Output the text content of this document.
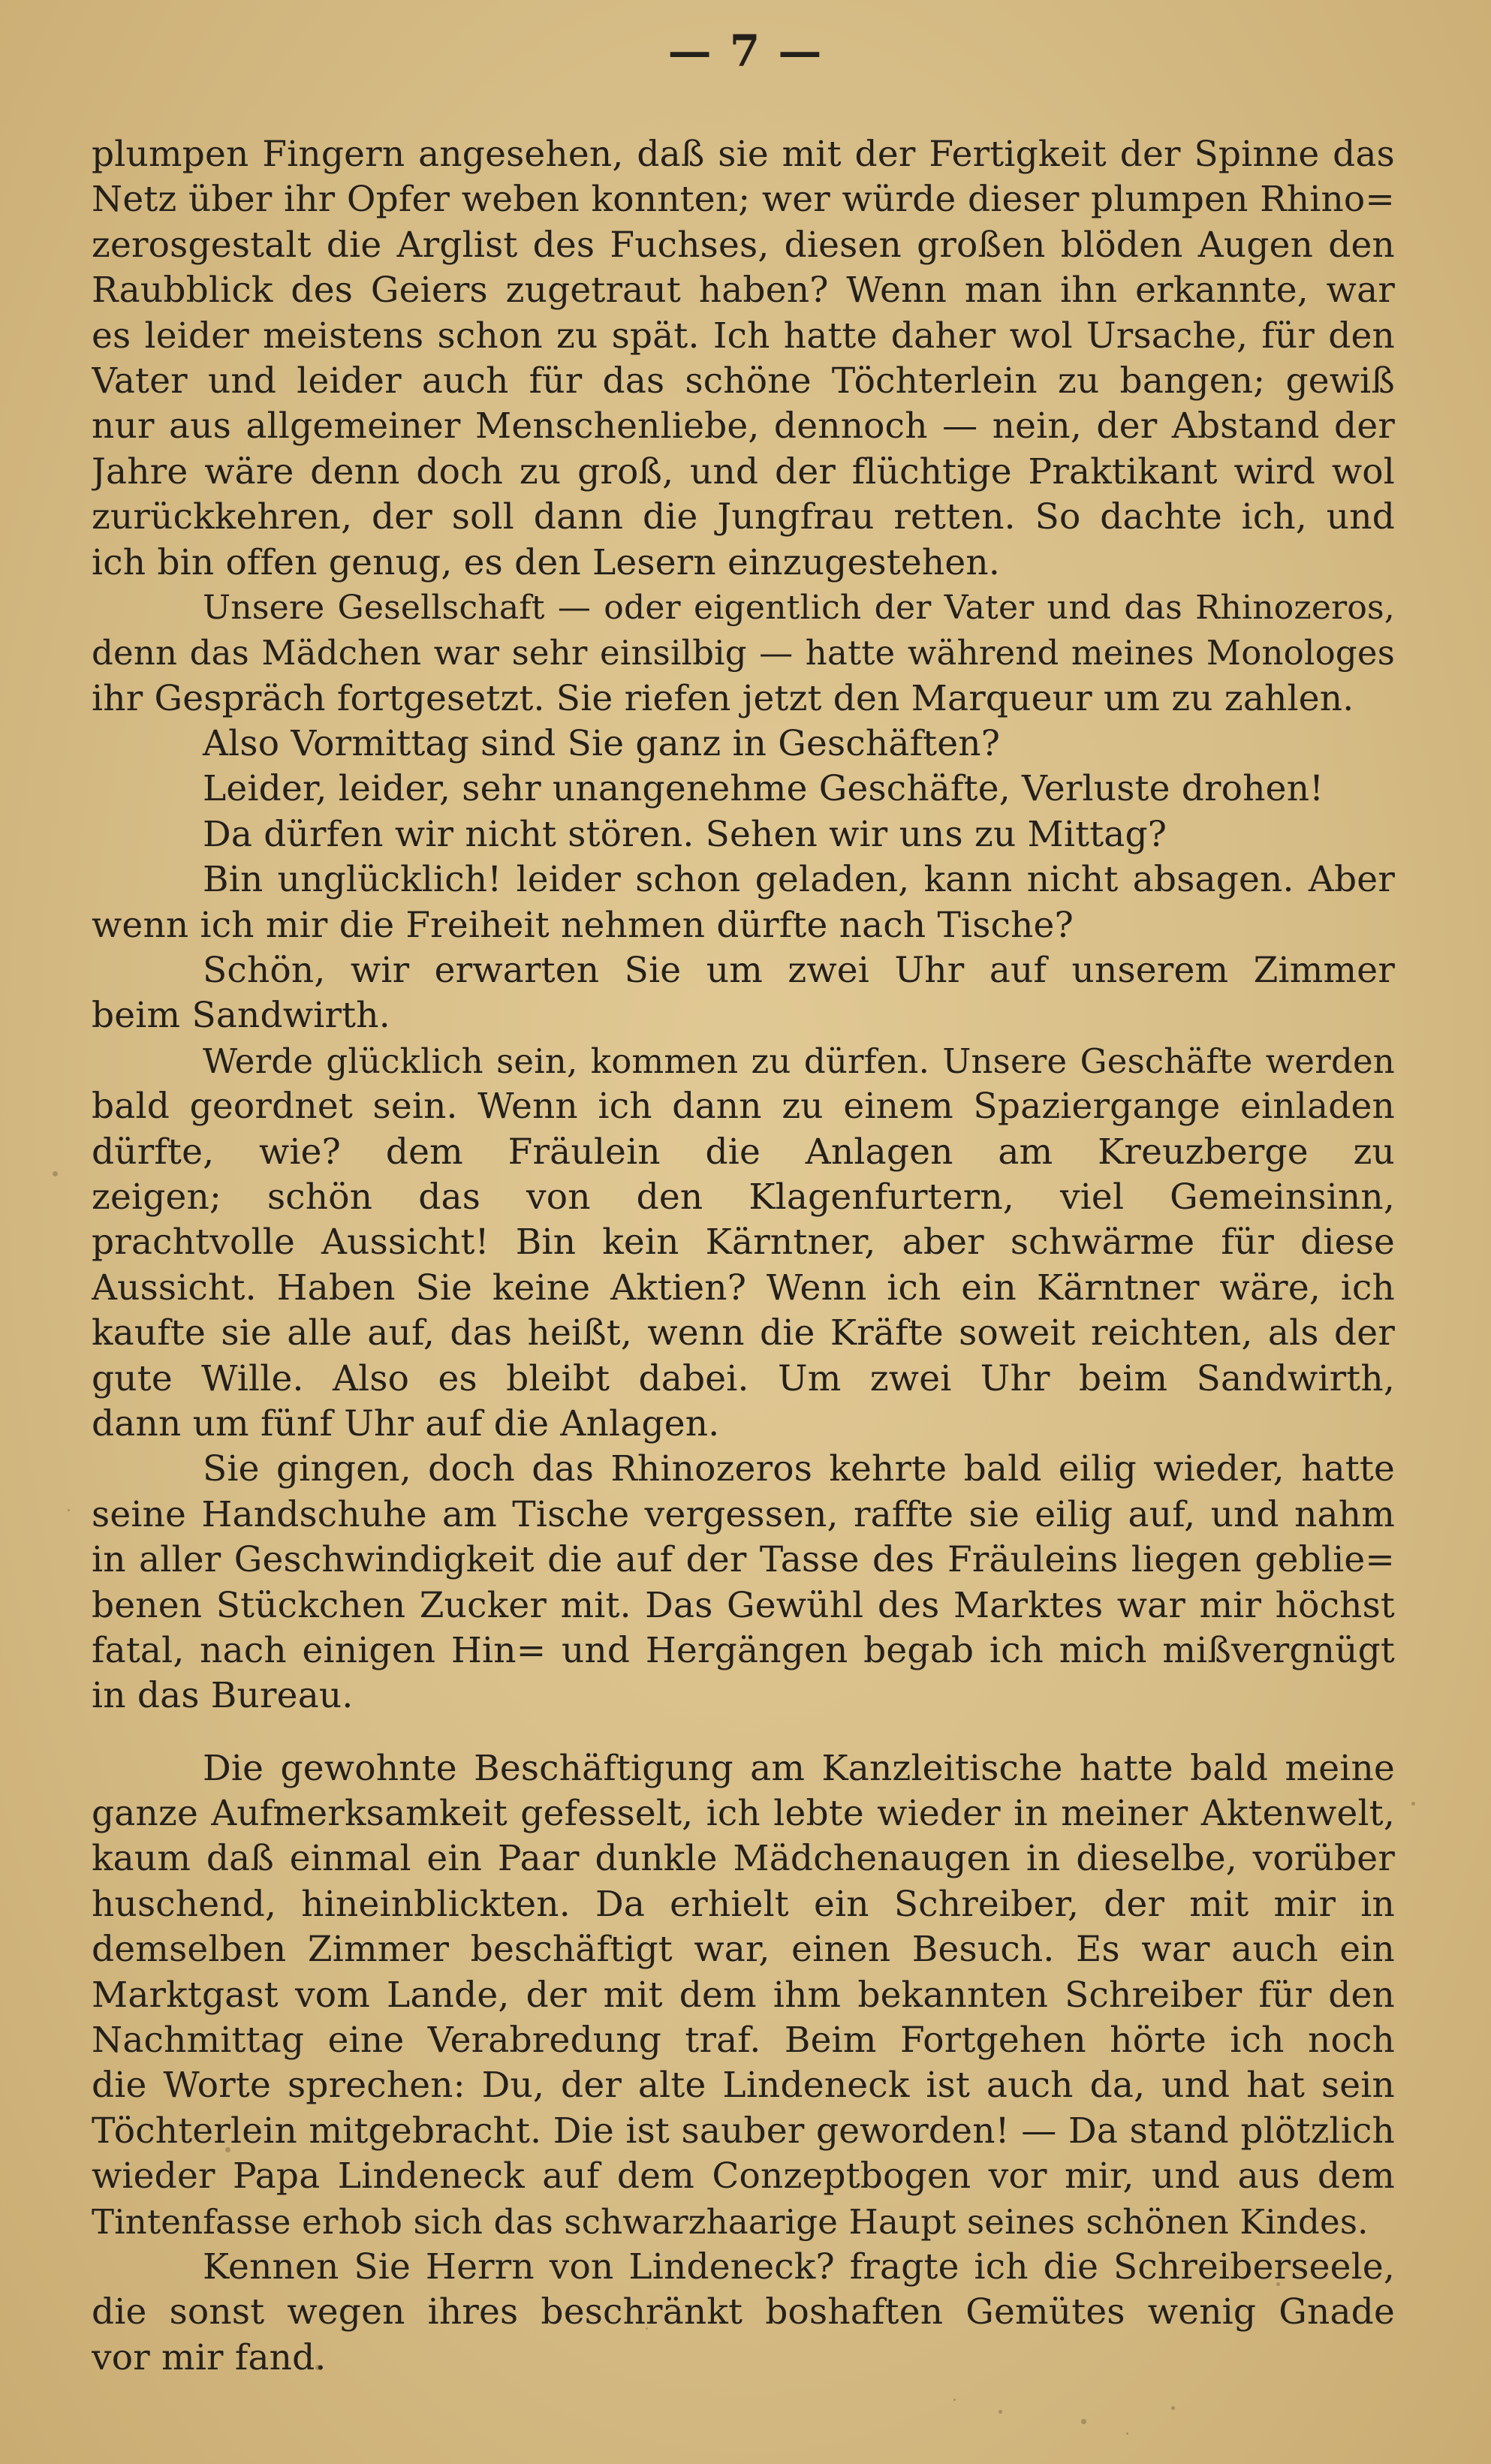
— 7 —
plumpen Fingern angesehen, daß sie mit der Fertigkeit der Spinne das
Netz über ihr Opfer weben konnten; wer würde dieser plumpen Rhino=
zerosgestalt die Arglist des Fuchses, diesen großen blöden Augen den
Raubblick des Geiers zugetraut haben? Wenn man ihn erkannte, war
es leider meistens schon zu spät. Ich hatte daher wol Ursache, für den
Vater und leider auch für das schöne Töchterlein zu bangen; gewiß
nur aus allgemeiner Menschenliebe, dennoch — nein, der Abstand der
Jahre wäre denn doch zu groß, und der flüchtige Praktikant wird wol
zurückkehren, der soll dann die Jungfrau retten. So dachte ich, und
ich bin offen genug, es den Lesern einzugestehen.
Unsere Gesellschaft — oder eigentlich der Vater und das Rhinozeros,
denn das Mädchen war sehr einsilbig — hatte während meines Monologes
ihr Gespräch fortgesetzt. Sie riefen jetzt den Marqueur um zu zahlen.
Also Vormittag sind Sie ganz in Geschäften?
Leider, leider, sehr unangenehme Geschäfte, Verluste drohen!
Da dürfen wir nicht stören. Sehen wir uns zu Mittag?
Bin unglücklich! leider schon geladen, kann nicht absagen. Aber
wenn ich mir die Freiheit nehmen dürfte nach Tische?
Schön, wir erwarten Sie um zwei Uhr auf unserem Zimmer
beim Sandwirth.
Werde glücklich sein, kommen zu dürfen. Unsere Geschäfte werden
bald geordnet sein. Wenn ich dann zu einem Spaziergange einladen
dürfte, wie? dem Fräulein die Anlagen am Kreuzberge zu
zeigen; schön das von den Klagenfurtern, viel Gemeinsinn,
prachtvolle Aussicht! Bin kein Kärntner, aber schwärme für diese
Aussicht. Haben Sie keine Aktien? Wenn ich ein Kärntner wäre, ich
kaufte sie alle auf, das heißt, wenn die Kräfte soweit reichten, als der
gute Wille. Also es bleibt dabei. Um zwei Uhr beim Sandwirth,
dann um fünf Uhr auf die Anlagen.
Sie gingen, doch das Rhinozeros kehrte bald eilig wieder, hatte
seine Handschuhe am Tische vergessen, raffte sie eilig auf, und nahm
in aller Geschwindigkeit die auf der Tasse des Fräuleins liegen geblie=
benen Stückchen Zucker mit. Das Gewühl des Marktes war mir höchst
fatal, nach einigen Hin= und Hergängen begab ich mich mißvergnügt
in das Bureau.
Die gewohnte Beschäftigung am Kanzleitische hatte bald meine
ganze Aufmerksamkeit gefesselt, ich lebte wieder in meiner Aktenwelt,
kaum daß einmal ein Paar dunkle Mädchenaugen in dieselbe, vorüber
huschend, hineinblickten. Da erhielt ein Schreiber, der mit mir in
demselben Zimmer beschäftigt war, einen Besuch. Es war auch ein
Marktgast vom Lande, der mit dem ihm bekannten Schreiber für den
Nachmittag eine Verabredung traf. Beim Fortgehen hörte ich noch
die Worte sprechen: Du, der alte Lindeneck ist auch da, und hat sein
Töchterlein mitgebracht. Die ist sauber geworden! — Da stand plötzlich
wieder Papa Lindeneck auf dem Conzeptbogen vor mir, und aus dem
Tintenfasse erhob sich das schwarzhaarige Haupt seines schönen Kindes.
Kennen Sie Herrn von Lindeneck? fragte ich die Schreiberseele,
die sonst wegen ihres beschränkt boshaften Gemütes wenig Gnade
vor mir fand.
